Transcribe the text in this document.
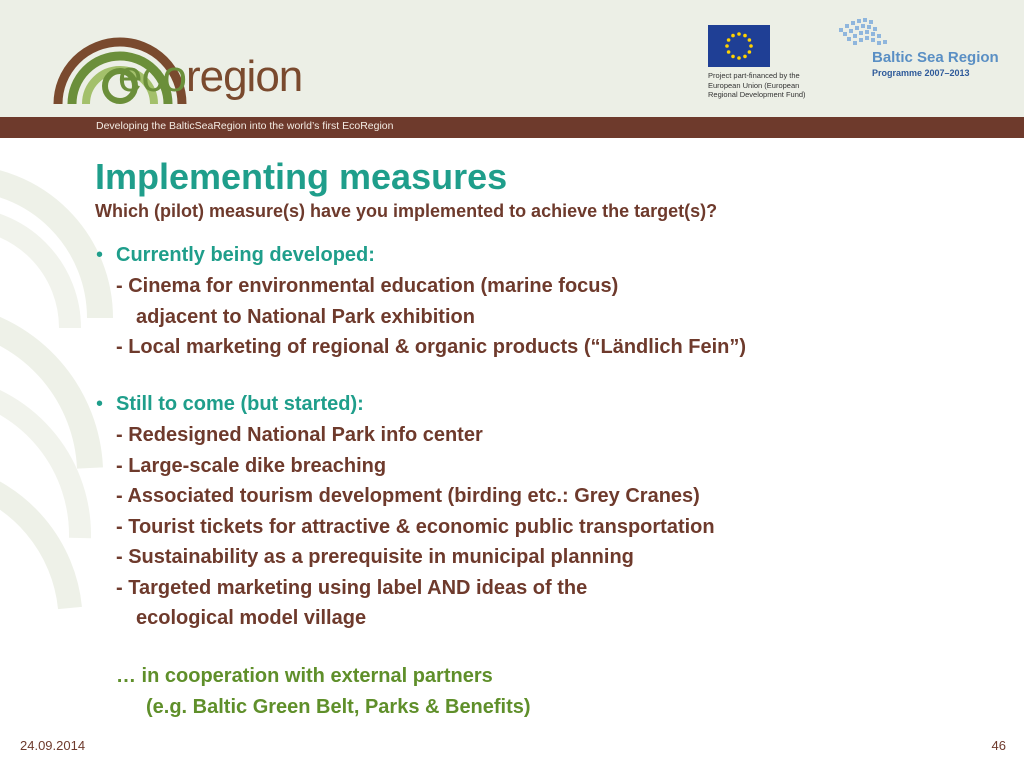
ecoregion	Project part-financed by the
European Union (European
Regional Development Fund)
Baltic Sea Region
Programme 2007–2013
Developing the BalticSeaRegion into the world’s first EcoRegion
Implementing measures
Which (pilot) measure(s) have you implemented to achieve the target(s)?
• Currently being developed:
- Cinema for environmental education (marine focus)
adjacent to National Park exhibition
- Local marketing of regional & organic products (“Ländlich Fein”)
• Still to come (but started):
- Redesigned National Park info center
- Large-scale dike breaching
- Associated tourism development (birding etc.: Grey Cranes)
- Tourist tickets for attractive & economic public transportation
- Sustainability as a prerequisite in municipal planning
- Targeted marketing using label AND ideas of the
ecological model village
… in cooperation with external partners
(e.g. Baltic Green Belt, Parks & Benefits)
24.09.2014	46
